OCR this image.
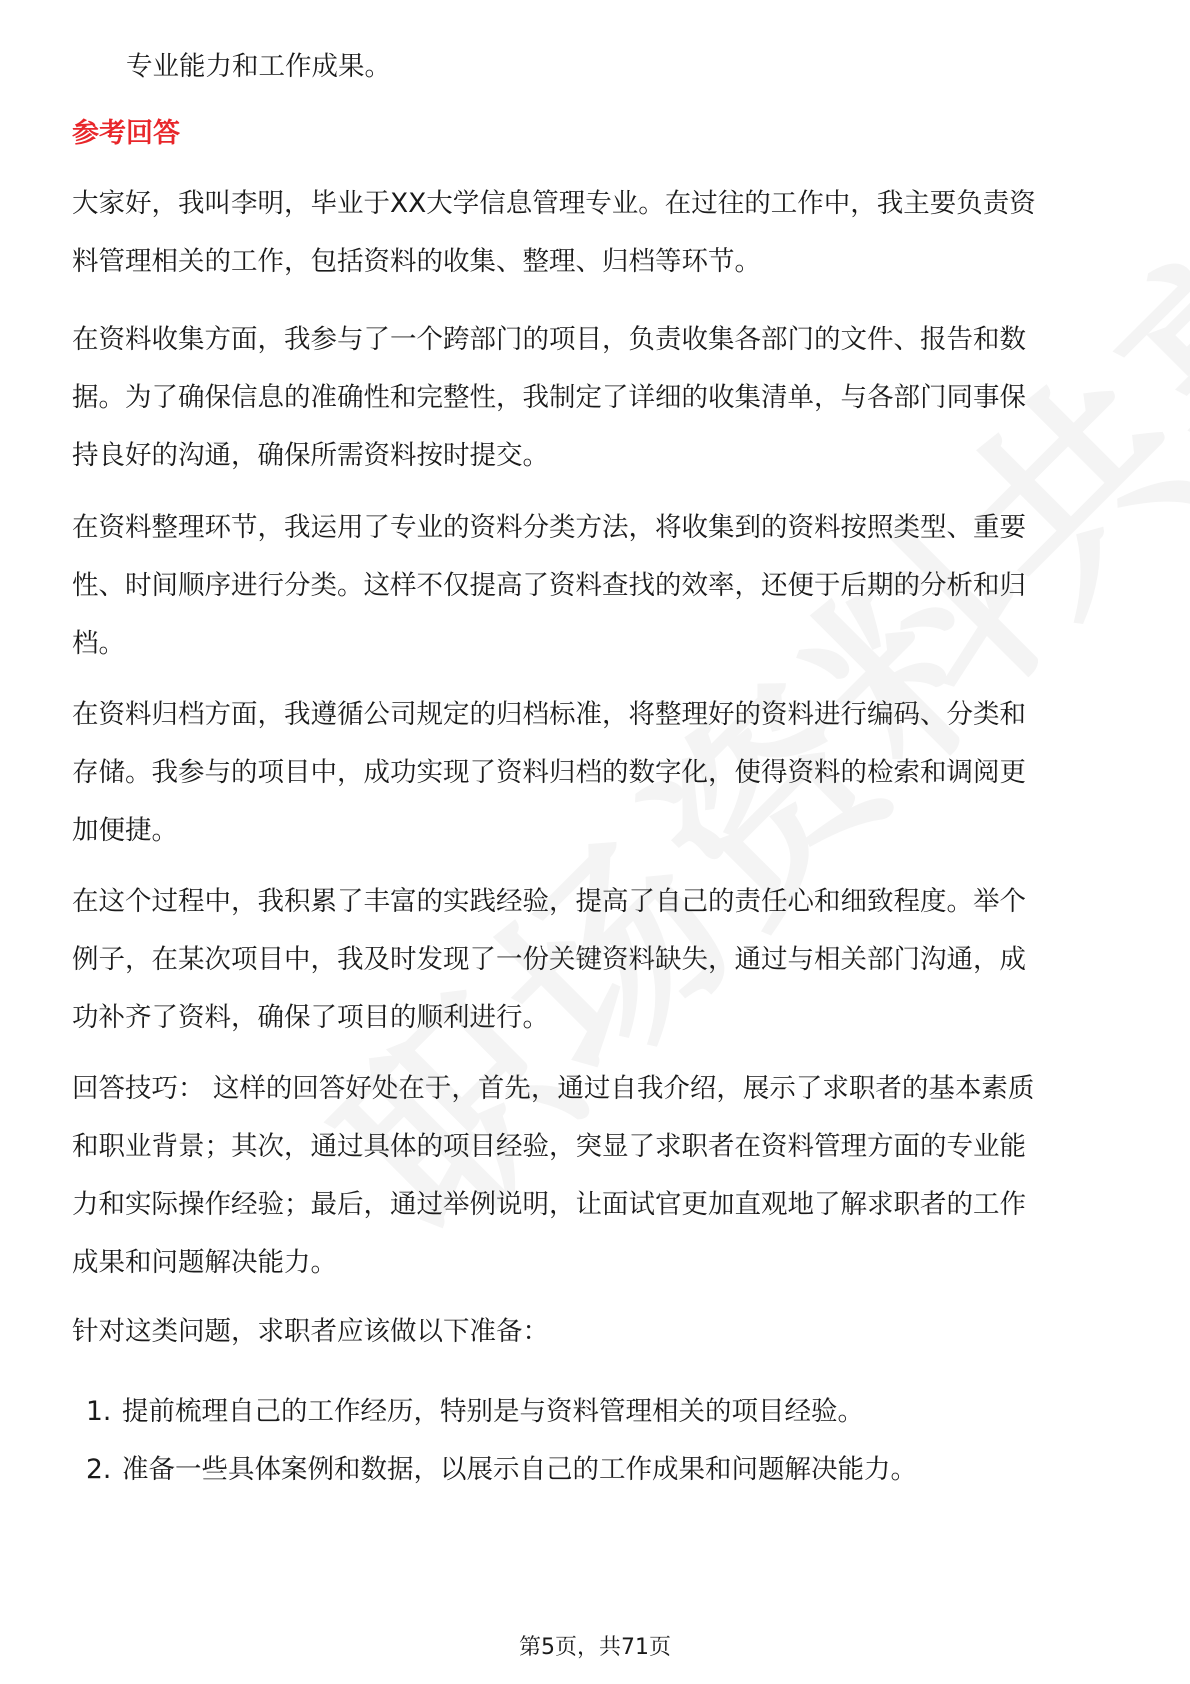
专业能力和工作成果。

参考回答

大家好，我叫李明，毕业于XX大学信息管理专业。在过往的工作中，我主要负责资

料管理相关的工作，包括资料的收集、整理、归档等环节。

在资料收集方面，我参与了一个跨部门的项目，负责收集各部门的文件、报告和数

据。为了确保信息的准确性和完整性，我制定了详细的收集清单，与各部门同事保

持良好的沟通，确保所需资料按时提交。

在资料整理环节，我运用了专业的资料分类方法，将收集到的资料按照类型、重要

性、时间顺序进行分类。这样不仅提高了资料查找的效率，还便于后期的分析和归

档。

在资料归档方面，我遵循公司规定的归档标准，将整理好的资料进行编码、分类和

存储。我参与的项目中，成功实现了资料归档的数字化，使得资料的检索和调阅更

加便捷。

在这个过程中，我积累了丰富的实践经验，提高了自己的责任心和细致程度。举个

例子，在某次项目中，我及时发现了一份关键资料缺失，通过与相关部门沟通，成

功补齐了资料，确保了项目的顺利进行。

回答技巧： 这样的回答好处在于，首先，通过自我介绍，展示了求职者的基本素质

和职业背景；其次，通过具体的项目经验，突显了求职者在资料管理方面的专业能

力和实际操作经验；最后，通过举例说明，让面试官更加直观地了解求职者的工作

成果和问题解决能力。

针对这类问题，求职者应该做以下准备：

1. 提前梳理自己的工作经历，特别是与资料管理相关的项目经验。
2. 准备一些具体案例和数据，以展示自己的工作成果和问题解决能力。
第5页，共71页
